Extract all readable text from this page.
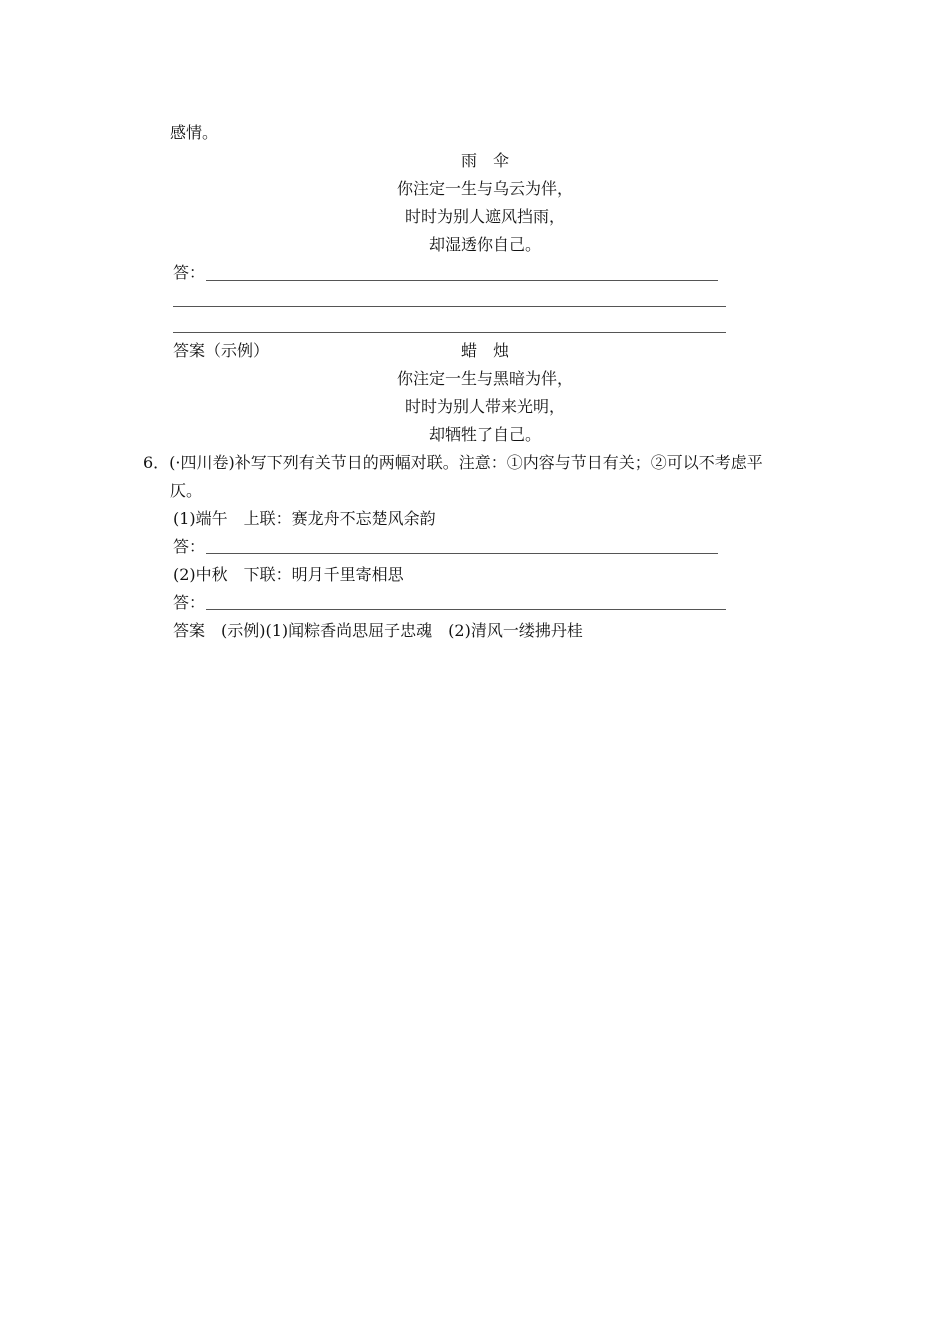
感情。
雨　伞
你注定一生与乌云为伴，
时时为别人遮风挡雨，
却湿透你自己。
答：
答案（示例）	蜡　烛
你注定一生与黑暗为伴，
时时为别人带来光明，
却牺牲了自己。
6．(·四川卷)补写下列有关节日的两幅对联。注意：①内容与节日有关；②可以不考虑平
仄。
(1)端午　上联：赛龙舟不忘楚风余韵
答：
(2)中秋　下联：明月千里寄相思
答：
答案　(示例)(1)闻粽香尚思屈子忠魂　(2)清风一缕拂丹桂
